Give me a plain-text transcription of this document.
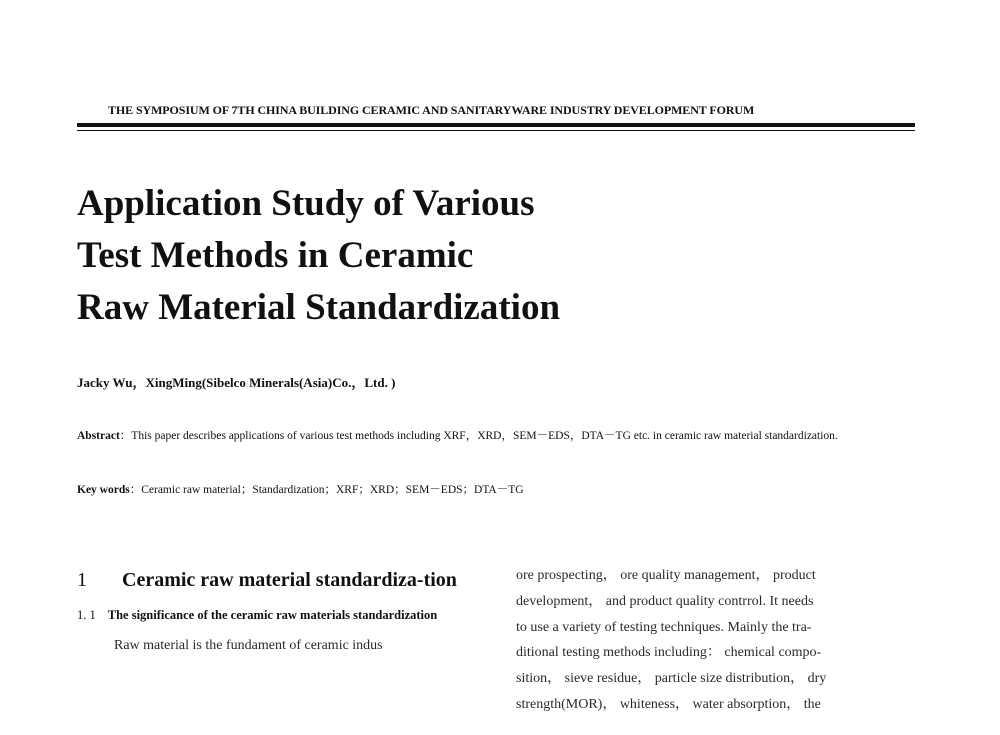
THE SYMPOSIUM OF 7TH CHINA BUILDING CERAMIC AND SANITARYWARE INDUSTRY DEVELOPMENT FORUM
Application Study of Various
Test Methods in Ceramic
Raw Material Standardization
Jacky Wu，XingMing(Sibelco Minerals(Asia)Co.，Ltd. )
Abstract：This paper describes applications of various test methods including XRF，XRD，SEM－EDS，DTA－TG etc. in ceramic raw material standardization.
Key words：Ceramic raw material；Standardization；XRF；XRD；SEM－EDS；DTA－TG
1	Ceramic raw material standardiza-tion
1. 1 The significance of the ceramic raw materials standardization
Raw material is the fundament of ceramic indus
ore prospecting， ore quality management， product
development， and product quality contrrol. It needs
to use a variety of testing techniques. Mainly the tra-
ditional testing methods including： chemical compo-
sition， sieve residue， particle size distribution， dry
strength(MOR)， whiteness， water absorption， the
